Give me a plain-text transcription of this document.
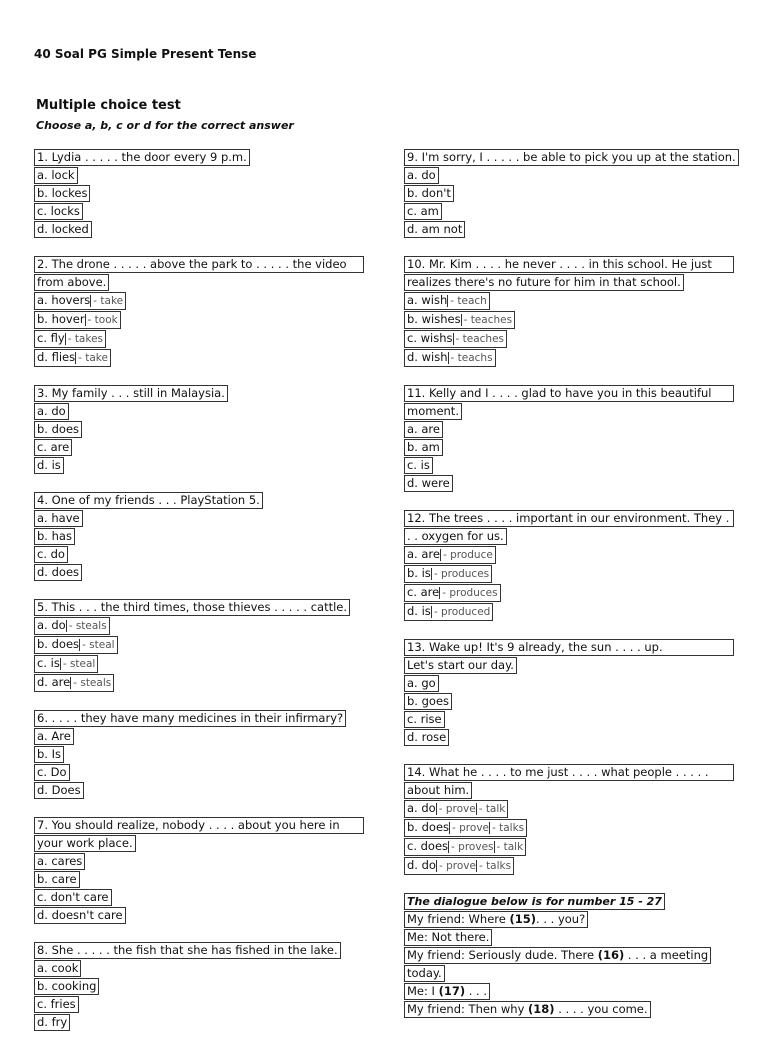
40 Soal PG Simple Present Tense
Multiple choice test
Choose a, b, c or d for the correct answer
1. Lydia . . . . . the door every 9 p.m.
a. lock
b. lockes
c. locks
d. locked
2. The drone . . . . . above the park to . . . . . the video
from above.
a. hovers - take
b. hover - took
c. fly - takes
d. flies - take
3. My family . . . still in Malaysia.
a. do
b. does
c. are
d. is
4. One of my friends . . . PlayStation 5.
a. have
b. has
c. do
d. does
5. This . . . the third times, those thieves . . . . . cattle.
a. do - steals
b. does - steal
c. is - steal
d. are - steals
6. . . . . they have many medicines in their infirmary?
a. Are
b. Is
c. Do
d. Does
7. You should realize, nobody . . . . about you here in
your work place.
a. cares
b. care
c. don't care
d. doesn't care
8. She . . . . . the fish that she has fished in the lake.
a. cook
b. cooking
c. fries
d. fry
9. I'm sorry, I . . . . . be able to pick you up at the station.
a. do
b. don't
c. am
d. am not
10. Mr. Kim . . . . he never . . . . in this school. He just
realizes there's no future for him in that school.
a. wish - teach
b. wishes - teaches
c. wishs - teaches
d. wish - teachs
11. Kelly and I . . . . glad to have you in this beautiful
moment.
a. are
b. am
c. is
d. were
12. The trees . . . . important in our environment. They .
. . oxygen for us.
a. are - produce
b. is - produces
c. are - produces
d. is - produced
13. Wake up! It's 9 already, the sun . . . . up.
Let's start our day.
a. go
b. goes
c. rise
d. rose
14. What he . . . . to me just . . . . what people . . . . .
about him.
a. do - prove - talk
b. does - prove - talks
c. does - proves - talk
d. do - prove - talks
The dialogue below is for number 15 - 27
My friend: Where (15). . . you?
Me: Not there.
My friend: Seriously dude. There (16) . . . a meeting
today.
Me: I (17) . . .
My friend: Then why (18) . . . . you come.
